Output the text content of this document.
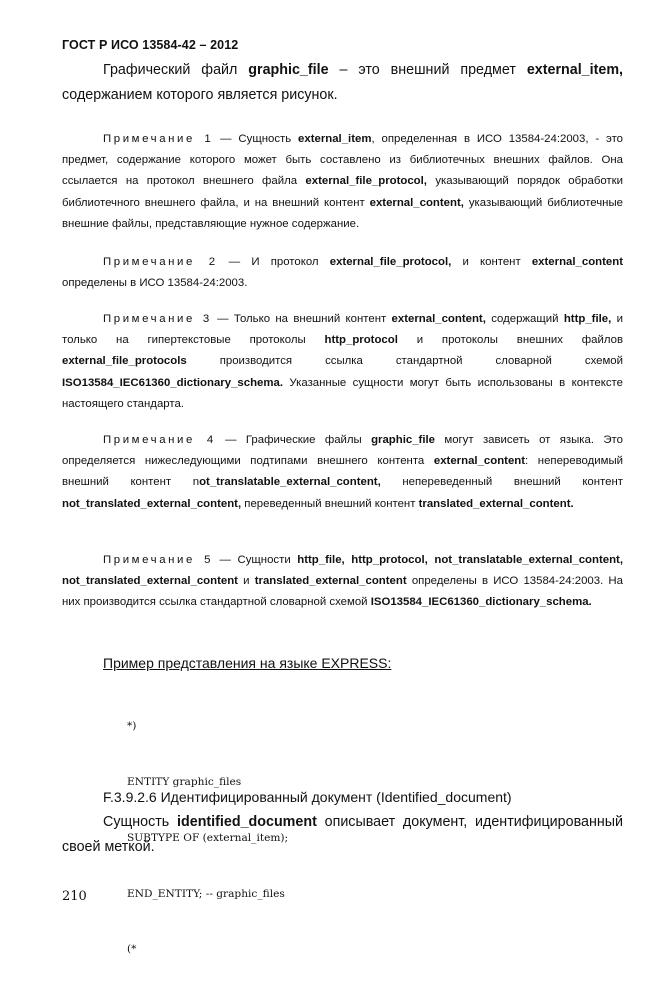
ГОСТ Р ИСО 13584-42 – 2012

Графический файл graphic_file – это внешний предмет external_item, содержанием которого является рисунок.

Примечание 1 — Сущность external_item, определенная в ИСО 13584-24:2003, - это предмет, содержание которого может быть составлено из библиотечных внешних файлов. Она ссылается на протокол внешнего файла external_file_protocol, указывающий порядок обработки библиотечного внешнего файла, и на внешний контент external_content, указывающий библиотечные внешние файлы, представляющие нужное содержание.

Примечание 2 — И протокол external_file_protocol, и контент external_content определены в ИСО 13584-24:2003.

Примечание 3 — Только на внешний контент external_content, содержащий http_file, и только на гипертекстовые протоколы http_protocol и протоколы внешних файлов external_file_protocols производится ссылка стандартной словарной схемой ISO13584_IEC61360_dictionary_schema. Указанные сущности могут быть использованы в контексте настоящего стандарта.

Примечание 4 — Графические файлы graphic_file могут зависеть от языка. Это определяется нижеследующими подтипами внешнего контента external_content: непереводимый внешний контент not_translatable_external_content, непереведенный внешний контент not_translated_external_content, переведенный внешний контент translated_external_content.

Примечание 5 — Сущности http_file, http_protocol, not_translatable_external_content, not_translated_external_content и translated_external_content определены в ИСО 13584-24:2003. На них производится ссылка стандартной словарной схемой ISO13584_IEC61360_dictionary_schema.

Пример представления на языке EXPRESS:

*)

ENTITY graphic_files

SUBTYPE OF (external_item);

END_ENTITY; -- graphic_files

(*

F.3.9.2.6 Идентифицированный документ (Identified_document)

Сущность identified_document описывает документ, идентифицированный своей меткой.

210
